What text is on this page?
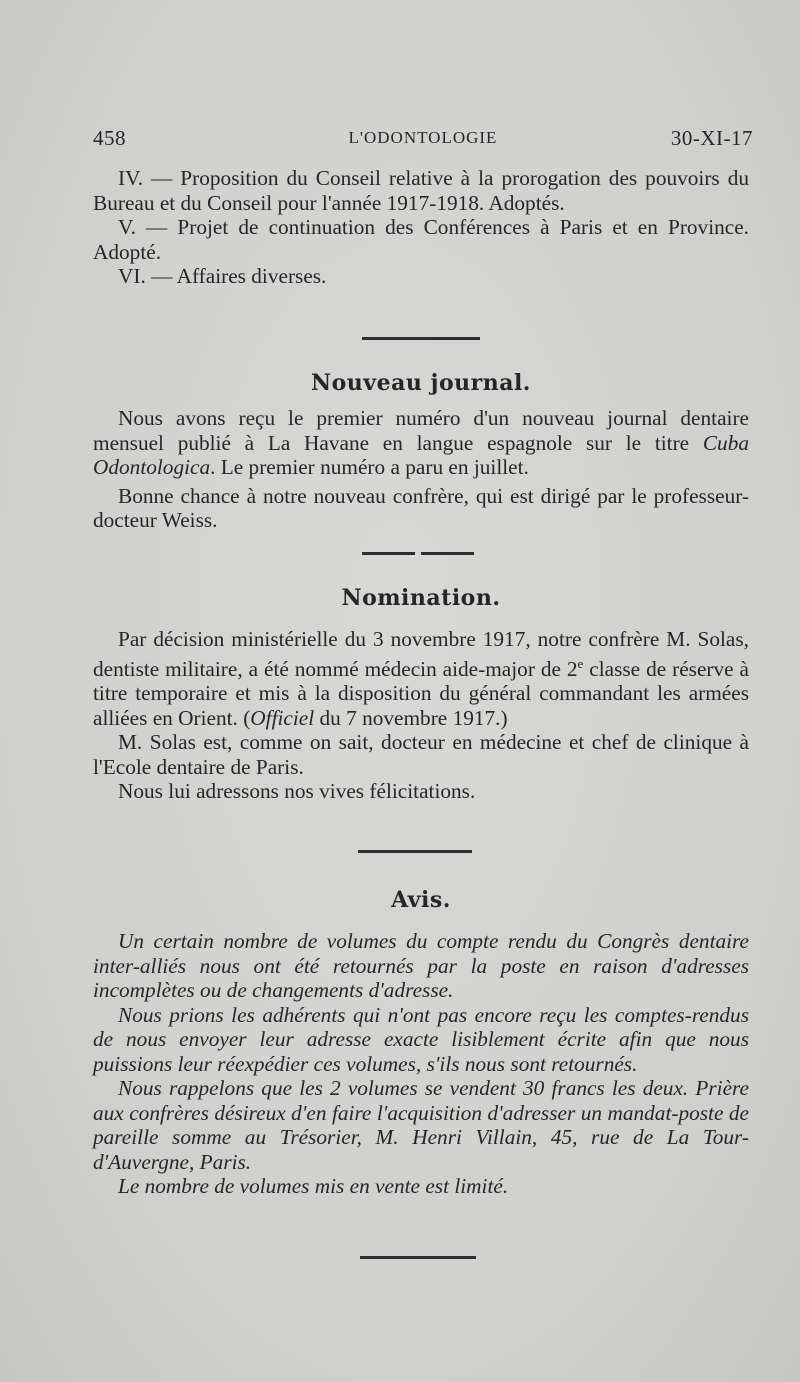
458	L'ODONTOLOGIE	30-XI-17

IV. — Proposition du Conseil relative à la prorogation des pouvoirs du Bureau et du Conseil pour l'année 1917-1918. Adoptés.

V. — Projet de continuation des Conférences à Paris et en Province. Adopté.

VI. — Affaires diverses.

Nouveau journal.

Nous avons reçu le premier numéro d'un nouveau journal dentaire mensuel publié à La Havane en langue espagnole sur le titre Cuba Odontologica. Le premier numéro a paru en juillet.

Bonne chance à notre nouveau confrère, qui est dirigé par le professeur-docteur Weiss.

Nomination.

Par décision ministérielle du 3 novembre 1917, notre confrère M. Solas, dentiste militaire, a été nommé médecin aide-major de 2e classe de réserve à titre temporaire et mis à la disposition du général commandant les armées alliées en Orient. (Officiel du 7 novembre 1917.)

M. Solas est, comme on sait, docteur en médecine et chef de clinique à l'Ecole dentaire de Paris.

Nous lui adressons nos vives félicitations.

Avis.

Un certain nombre de volumes du compte rendu du Congrès dentaire inter-alliés nous ont été retournés par la poste en raison d'adresses incomplètes ou de changements d'adresse.

Nous prions les adhérents qui n'ont pas encore reçu les comptes-rendus de nous envoyer leur adresse exacte lisiblement écrite afin que nous puissions leur réexpédier ces volumes, s'ils nous sont retournés.

Nous rappelons que les 2 volumes se vendent 30 francs les deux. Prière aux confrères désireux d'en faire l'acquisition d'adresser un mandat-poste de pareille somme au Trésorier, M. Henri Villain, 45, rue de La Tour-d'Auvergne, Paris.

Le nombre de volumes mis en vente est limité.
